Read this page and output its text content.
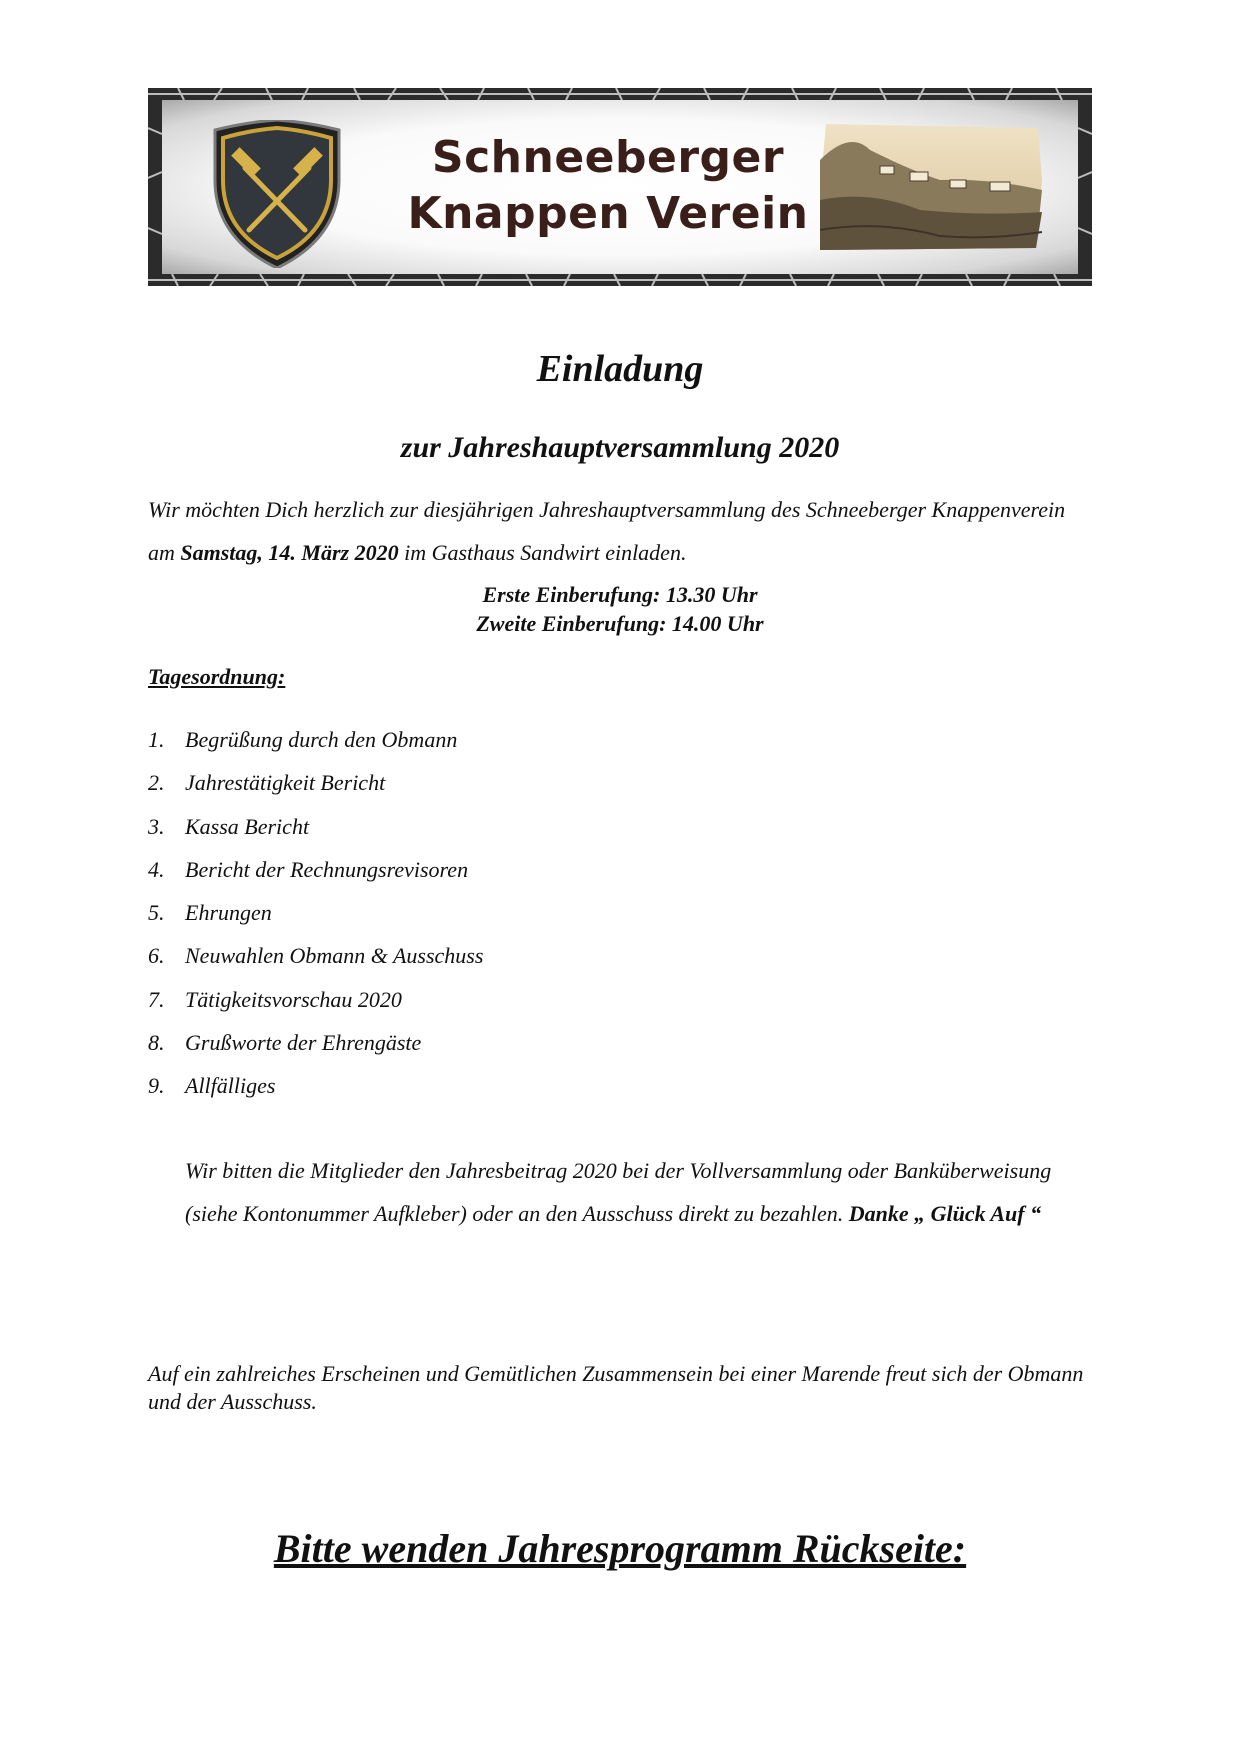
Schneeberger
Knappen Verein
Einladung
zur Jahreshauptversammlung 2020
Wir möchten Dich herzlich zur diesjährigen Jahreshauptversammlung des Schneeberger Knappenverein am Samstag, 14. März 2020 im Gasthaus Sandwirt einladen.
Erste Einberufung: 13.30 Uhr
Zweite Einberufung: 14.00 Uhr
Tagesordnung:
1. Begrüßung durch den Obmann
2. Jahrestätigkeit Bericht
3. Kassa Bericht
4. Bericht der Rechnungsrevisoren
5. Ehrungen
6. Neuwahlen Obmann & Ausschuss
7. Tätigkeitsvorschau 2020
8. Grußworte der Ehrengäste
9. Allfälliges
Wir bitten die Mitglieder den Jahresbeitrag 2020 bei der Vollversammlung oder Banküberweisung (siehe Kontonummer Aufkleber) oder an den Ausschuss direkt zu bezahlen. Danke „ Glück Auf “
Auf ein zahlreiches Erscheinen und Gemütlichen Zusammensein bei einer Marende freut sich der Obmann und der Ausschuss.
Bitte wenden Jahresprogramm Rückseite:
